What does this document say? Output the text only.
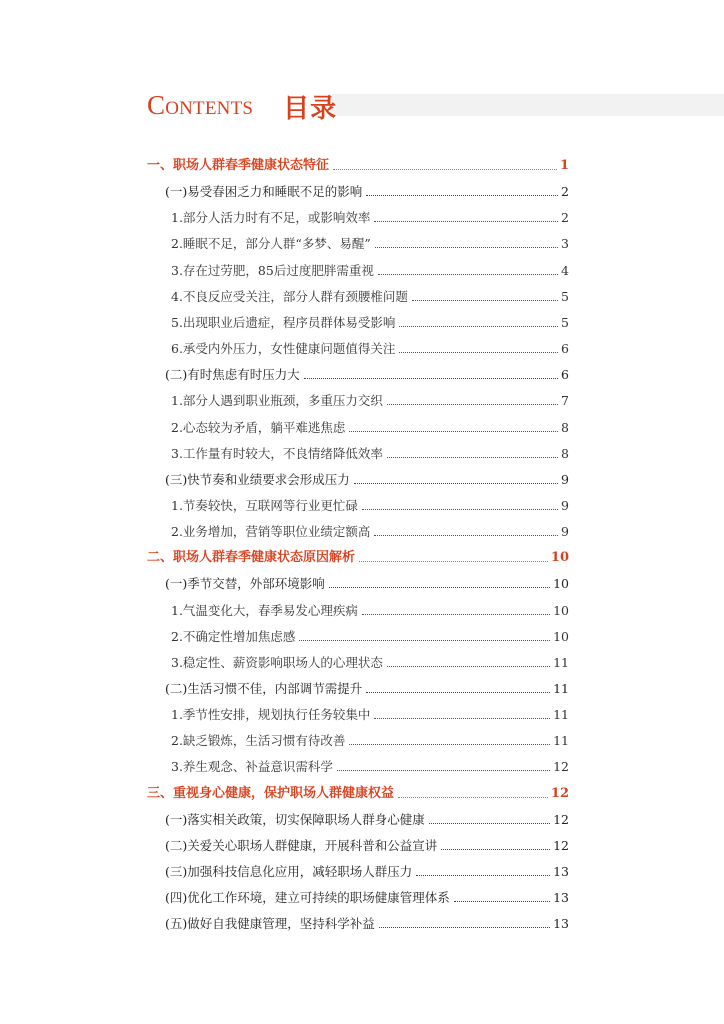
CONTENTS 目录
一、职场人群春季健康状态特征	1
(一)易受春困乏力和睡眠不足的影响	2
1.部分人活力时有不足，或影响效率	2
2.睡眠不足，部分人群“多梦、易醒”	3
3.存在过劳肥，85后过度肥胖需重视	4
4.不良反应受关注，部分人群有颈腰椎问题	5
5.出现职业后遗症，程序员群体易受影响	5
6.承受内外压力，女性健康问题值得关注	6
(二)有时焦虑有时压力大	6
1.部分人遇到职业瓶颈，多重压力交织	7
2.心态较为矛盾，躺平难逃焦虑	8
3.工作量有时较大，不良情绪降低效率	8
(三)快节奏和业绩要求会形成压力	9
1.节奏较快，互联网等行业更忙碌	9
2.业务增加，营销等职位业绩定额高	9
二、职场人群春季健康状态原因解析	10
(一)季节交替，外部环境影响	10
1.气温变化大，春季易发心理疾病	10
2.不确定性增加焦虑感	10
3.稳定性、薪资影响职场人的心理状态	11
(二)生活习惯不佳，内部调节需提升	11
1.季节性安排，规划执行任务较集中	11
2.缺乏锻炼，生活习惯有待改善	11
3.养生观念、补益意识需科学	12
三、重视身心健康，保护职场人群健康权益	12
(一)落实相关政策，切实保障职场人群身心健康	12
(二)关爱关心职场人群健康，开展科普和公益宣讲	12
(三)加强科技信息化应用，减轻职场人群压力	13
(四)优化工作环境，建立可持续的职场健康管理体系	13
(五)做好自我健康管理，坚持科学补益	13
